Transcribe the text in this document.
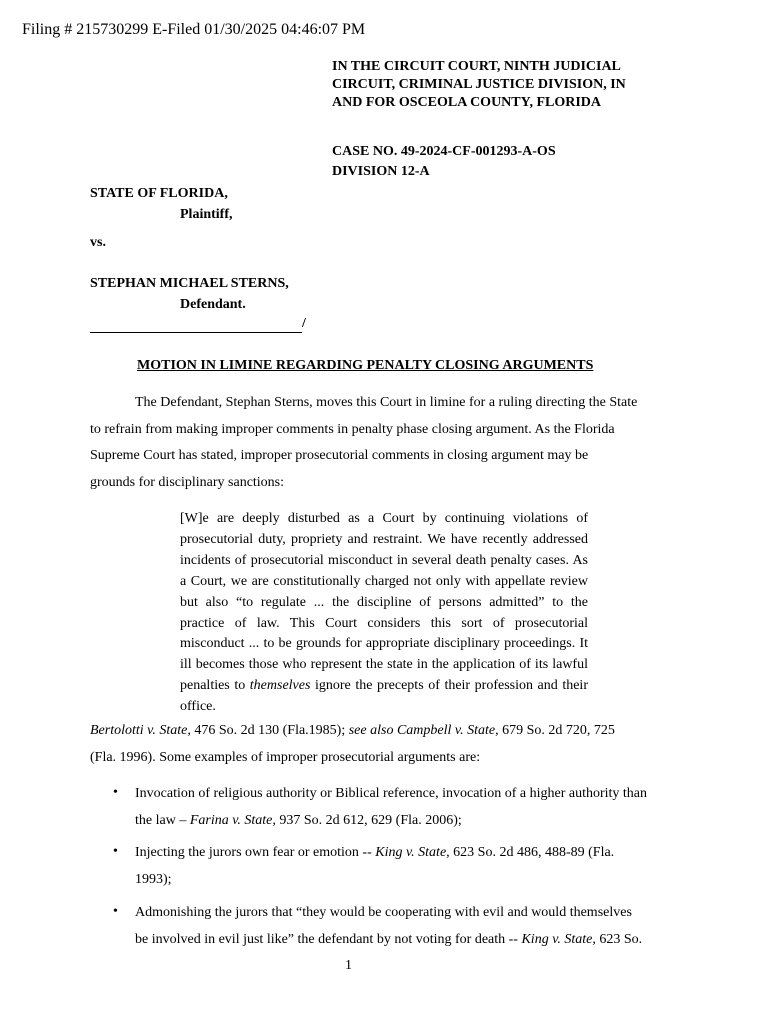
Filing # 215730299 E-Filed 01/30/2025 04:46:07 PM
IN THE CIRCUIT COURT, NINTH JUDICIAL
CIRCUIT, CRIMINAL JUSTICE DIVISION, IN
AND FOR OSCEOLA COUNTY, FLORIDA
CASE NO. 49-2024-CF-001293-A-OS
DIVISION 12-A
STATE OF FLORIDA,
Plaintiff,
vs.
STEPHAN MICHAEL STERNS,
Defendant.
/
MOTION IN LIMINE REGARDING PENALTY CLOSING ARGUMENTS
The Defendant, Stephan Sterns, moves this Court in limine for a ruling directing the State
to refrain from making improper comments in penalty phase closing argument. As the Florida
Supreme Court has stated, improper prosecutorial comments in closing argument may be
grounds for disciplinary sanctions:
[W]e are deeply disturbed as a Court by continuing violations of prosecutorial duty, propriety and restraint. We have recently addressed incidents of prosecutorial misconduct in several death penalty cases. As a Court, we are constitutionally charged not only with appellate review but also “to regulate ... the discipline of persons admitted” to the practice of law. This Court considers this sort of prosecutorial misconduct ... to be grounds for appropriate disciplinary proceedings. It ill becomes those who represent the state in the application of its lawful penalties to themselves ignore the precepts of their profession and their office.
Bertolotti v. State, 476 So. 2d 130 (Fla.1985); see also Campbell v. State, 679 So. 2d 720, 725
(Fla. 1996). Some examples of improper prosecutorial arguments are:
• Invocation of religious authority or Biblical reference, invocation of a higher authority than
the law – Farina v. State, 937 So. 2d 612, 629 (Fla. 2006);
• Injecting the jurors own fear or emotion -- King v. State, 623 So. 2d 486, 488-89 (Fla.
1993);
• Admonishing the jurors that “they would be cooperating with evil and would themselves
be involved in evil just like” the defendant by not voting for death -- King v. State, 623 So.
1
